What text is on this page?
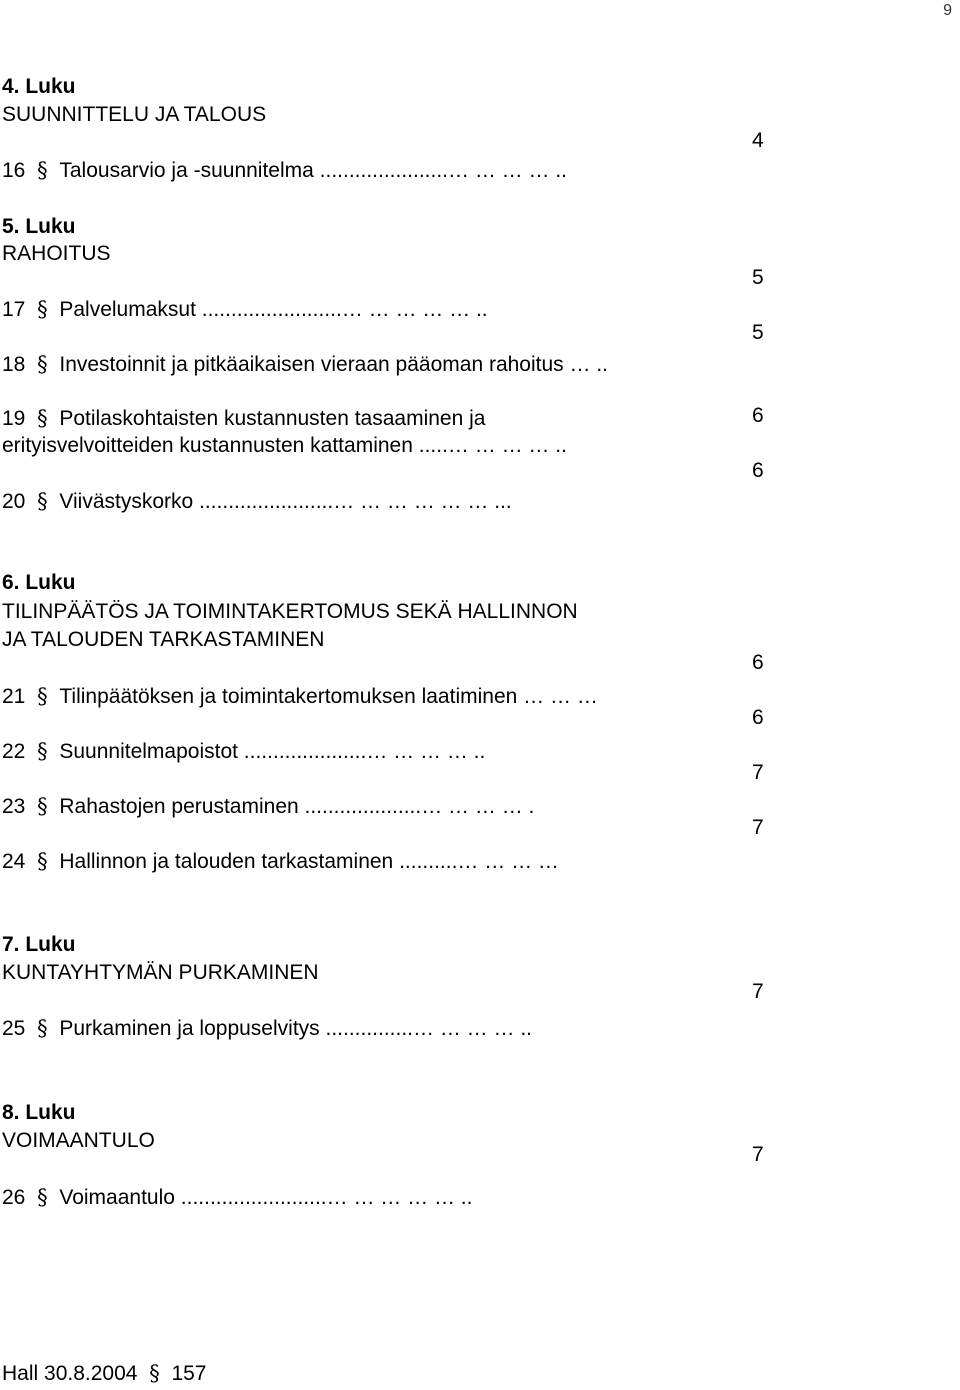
9
4. Luku
SUUNNITTELU JA TALOUS
16 § Talousarvio ja -suunnitelma ......................… … … … ..
4
5. Luku
RAHOITUS
17 § Palvelumaksut ........................… … … … … ..
18 § Investoinnit ja pitkäaikaisen vieraan pääoman rahoitus … ..
19 § Potilaskohtaisten kustannusten tasaaminen ja
erityisvelvoitteiden kustannusten kattaminen .....… … … … ..
20 § Viivästyskorko .......................… … … … … … ...
5
5
6
6
6. Luku
TILINPÄÄTÖS JA TOIMINTAKERTOMUS SEKÄ HALLINNON
JA TALOUDEN TARKASTAMINEN
21 § Tilinpäätöksen ja toimintakertomuksen laatiminen … … …
22 § Suunnitelmapoistot .....................… … … … ..
23 § Rahastojen perustaminen ....................… … … … .
24 § Hallinnon ja talouden tarkastaminen ..........… … … …
6
6
7
7
7. Luku
KUNTAYHTYMÄN PURKAMINEN
25 § Purkaminen ja loppuselvitys ...............… … … … ..
7
8. Luku
VOIMAANTULO
26 § Voimaantulo .........................… … … … … ..
7
Hall 30.8.2004 § 157
